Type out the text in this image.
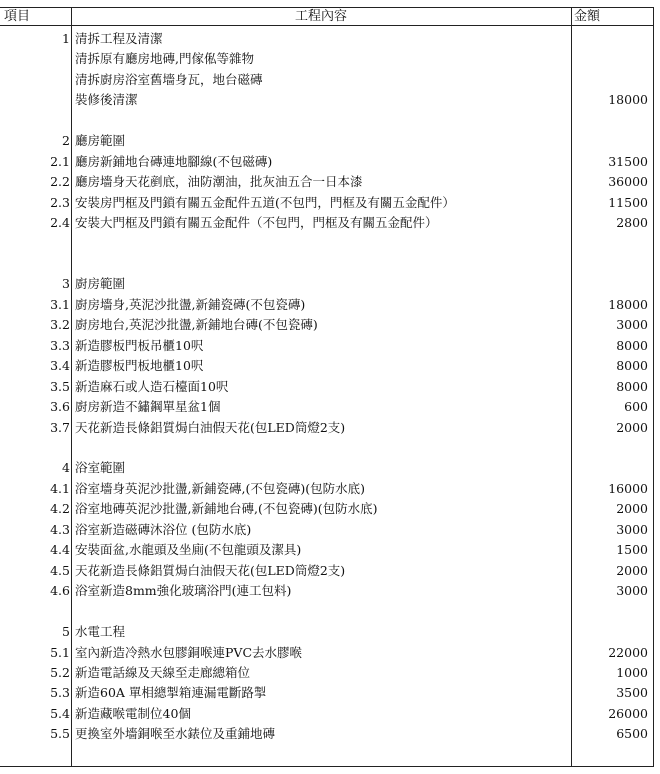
項目	工程內容	金額
1 清拆工程及清潔
清拆原有廳房地磚,門傢俬等雜物
清拆廚房浴室舊墻身瓦，地台磁磚
裝修後清潔	18000
2 廳房範圍
2.1 廳房新鋪地台磚連地腳線(不包磁磚)	31500
2.2 廳房墻身天花剷底，油防潮油，批灰油五合一日本漆	36000
2.3 安裝房門框及門鎖有關五金配件五道(不包門，門框及有關五金配件）	11500
2.4 安裝大門框及門鎖有關五金配件（不包門，門框及有關五金配件）	2800
3 廚房範圍
3.1 廚房墻身,英泥沙批盪,新鋪瓷磚(不包瓷磚)	18000
3.2 廚房地台,英泥沙批盪,新鋪地台磚(不包瓷磚)	3000
3.3 新造膠板門板吊櫃10呎	8000
3.4 新造膠板門板地櫃10呎	8000
3.5 新造麻石或人造石檯面10呎	8000
3.6 廚房新造不鏽鋼單星盆1個	600
3.7 天花新造長條鋁質焗白油假天花(包LED筒燈2支)	2000
4 浴室範圍
4.1 浴室墻身英泥沙批盪,新鋪瓷磚,(不包瓷磚)(包防水底)	16000
4.2 浴室地磚英泥沙批盪,新鋪地台磚,(不包瓷磚)(包防水底)	2000
4.3 浴室新造磁磚沐浴位 (包防水底)	3000
4.4 安裝面盆,水龍頭及坐廁(不包龍頭及潔具)	1500
4.5 天花新造長條鋁質焗白油假天花(包LED筒燈2支)	2000
4.6 浴室新造8mm強化玻璃浴門(連工包料)	3000
5 水電工程
5.1 室內新造冷熱水包膠銅喉連PVC去水膠喉	22000
5.2 新造電話線及天線至走廊總箱位	1000
5.3 新造60A 單相總掣箱連漏電斷路掣	3500
5.4 新造藏喉電制位40個	26000
5.5 更換室外墻銅喉至水錶位及重鋪地磚	6500
